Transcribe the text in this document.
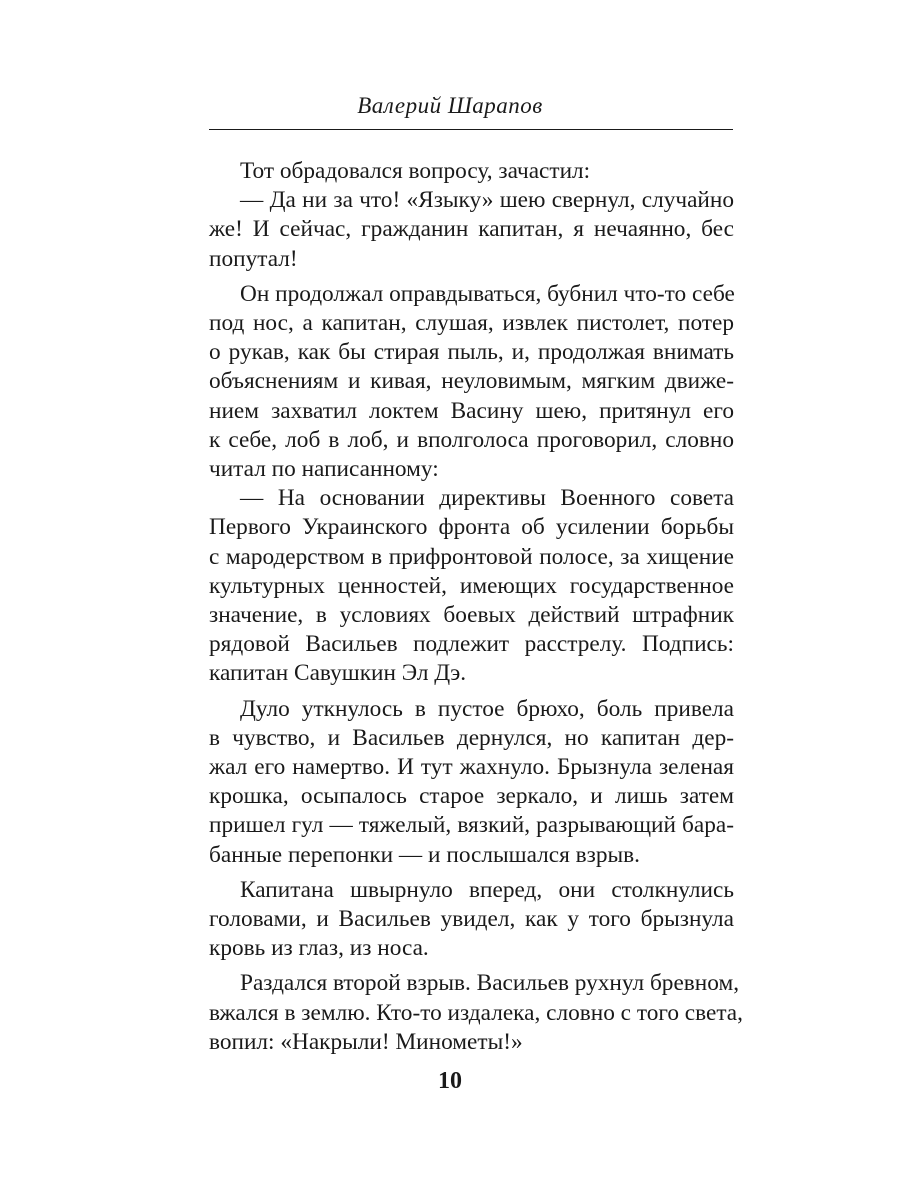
Валерий Шарапов
Тот обрадовался вопросу, зачастил:
— Да ни за что! «Языку» шею свернул, случайно
же! И сейчас, гражданин капитан, я нечаянно, бес
попутал!
Он продолжал оправдываться, бубнил что-то себе
под нос, а капитан, слушая, извлек пистолет, потер
о рукав, как бы стирая пыль, и, продолжая внимать
объяснениям и кивая, неуловимым, мягким движе-
нием захватил локтем Васину шею, притянул его
к себе, лоб в лоб, и вполголоса проговорил, словно
читал по написанному:
— На основании директивы Военного совета
Первого Украинского фронта об усилении борьбы
с мародерством в прифронтовой полосе, за хищение
культурных ценностей, имеющих государственное
значение, в условиях боевых действий штрафник
рядовой Васильев подлежит расстрелу. Подпись:
капитан Савушкин Эл Дэ.
Дуло уткнулось в пустое брюхо, боль привела
в чувство, и Васильев дернулся, но капитан дер-
жал его намертво. И тут жахнуло. Брызнула зеленая
крошка, осыпалось старое зеркало, и лишь затем
пришел гул — тяжелый, вязкий, разрывающий бара-
банные перепонки — и послышался взрыв.
Капитана швырнуло вперед, они столкнулись
головами, и Васильев увидел, как у того брызнула
кровь из глаз, из носа.
Раздался второй взрыв. Васильев рухнул бревном,
вжался в землю. Кто-то издалека, словно с того света,
вопил: «Накрыли! Минометы!»
10
